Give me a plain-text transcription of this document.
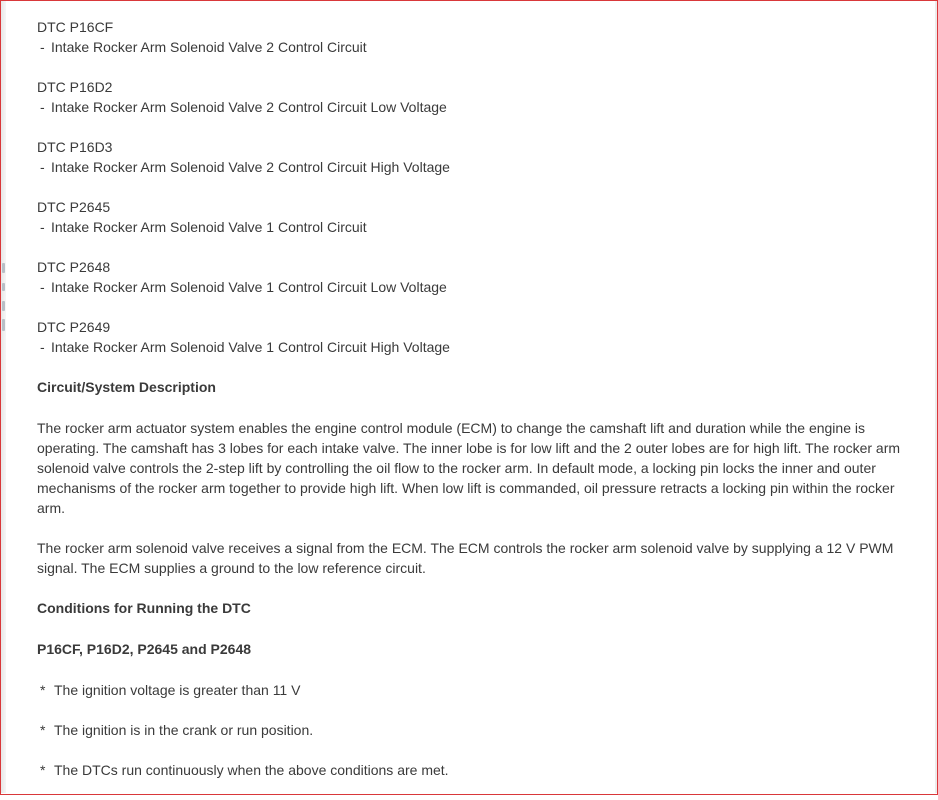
DTC P16CF
- Intake Rocker Arm Solenoid Valve 2 Control Circuit
DTC P16D2
- Intake Rocker Arm Solenoid Valve 2 Control Circuit Low Voltage
DTC P16D3
- Intake Rocker Arm Solenoid Valve 2 Control Circuit High Voltage
DTC P2645
- Intake Rocker Arm Solenoid Valve 1 Control Circuit
DTC P2648
- Intake Rocker Arm Solenoid Valve 1 Control Circuit Low Voltage
DTC P2649
- Intake Rocker Arm Solenoid Valve 1 Control Circuit High Voltage
Circuit/System Description

The rocker arm actuator system enables the engine control module (ECM) to change the camshaft lift and duration while the engine is operating. The camshaft has 3 lobes for each intake valve. The inner lobe is for low lift and the 2 outer lobes are for high lift. The rocker arm solenoid valve controls the 2-step lift by controlling the oil flow to the rocker arm. In default mode, a locking pin locks the inner and outer mechanisms of the rocker arm together to provide high lift. When low lift is commanded, oil pressure retracts a locking pin within the rocker arm.

The rocker arm solenoid valve receives a signal from the ECM. The ECM controls the rocker arm solenoid valve by supplying a 12 V PWM signal. The ECM supplies a ground to the low reference circuit.

Conditions for Running the DTC
P16CF, P16D2, P2645 and P2648
* The ignition voltage is greater than 11 V
* The ignition is in the crank or run position.
* The DTCs run continuously when the above conditions are met.
